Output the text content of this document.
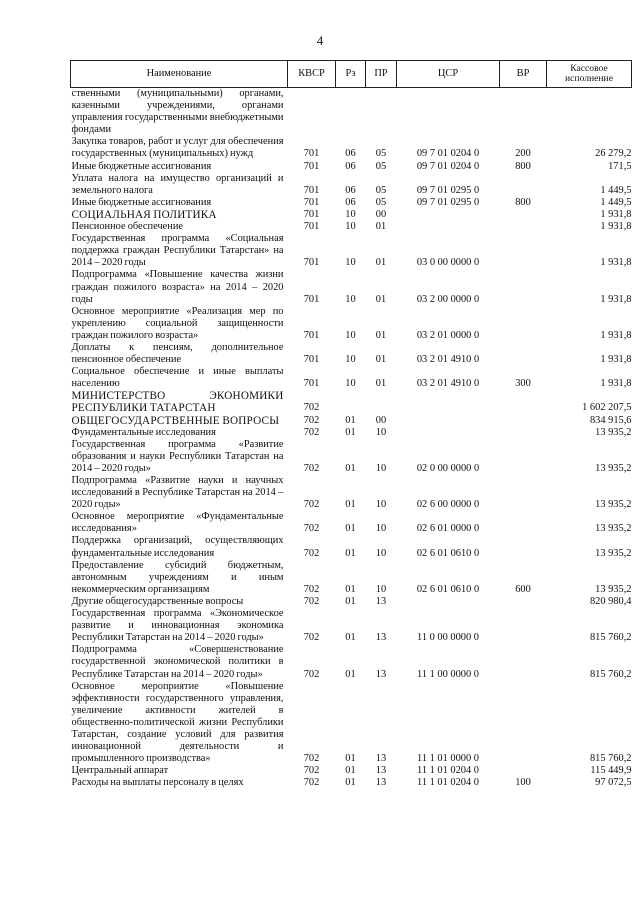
4
Наименование	КВСР	Рз	ПР	ЦСР	ВР	Кассовое исполнение
ственными (муниципальными) органами, казенными учреждениями, органами управления государственными внебюджетными фондами						
Закупка товаров, работ и услуг для обеспечения государственных (муниципальных) нужд	701	06	05	09 7 01 0204 0	200	26 279,2
Иные бюджетные ассигнования	701	06	05	09 7 01 0204 0	800	171,5
Уплата налога на имущество организаций и земельного налога	701	06	05	09 7 01 0295 0		1 449,5
Иные бюджетные ассигнования	701	06	05	09 7 01 0295 0	800	1 449,5
СОЦИАЛЬНАЯ ПОЛИТИКА	701	10	00			1 931,8
Пенсионное обеспечение	701	10	01			1 931,8
Государственная программа «Социальная поддержка граждан Республики Татарстан» на 2014 – 2020 годы	701	10	01	03 0 00 0000 0		1 931,8
Подпрограмма «Повышение качества жизни граждан пожилого возраста» на 2014 – 2020 годы	701	10	01	03 2 00 0000 0		1 931,8
Основное мероприятие «Реализация мер по укреплению социальной защищенности граждан пожилого возраста»	701	10	01	03 2 01 0000 0		1 931,8
Доплаты к пенсиям, дополнительное пенсионное обеспечение	701	10	01	03 2 01 4910 0		1 931,8
Социальное обеспечение и иные выплаты населению	701	10	01	03 2 01 4910 0	300	1 931,8
МИНИСТЕРСТВО ЭКОНОМИКИ РЕСПУБЛИКИ ТАТАРСТАН	702					1 602 207,5
ОБЩЕГОСУДАРСТВЕННЫЕ ВОПРОСЫ	702	01	00			834 915,6
Фундаментальные исследования	702	01	10			13 935,2
Государственная программа «Развитие образования и науки Республики Татарстан на 2014 – 2020 годы»	702	01	10	02 0 00 0000 0		13 935,2
Подпрограмма «Развитие науки и научных исследований в Республике Татарстан на 2014 – 2020 годы»	702	01	10	02 6 00 0000 0		13 935,2
Основное мероприятие «Фундаментальные исследования»	702	01	10	02 6 01 0000 0		13 935,2
Поддержка организаций, осуществляющих фундаментальные исследования	702	01	10	02 6 01 0610 0		13 935,2
Предоставление субсидий бюджетным, автономным учреждениям и иным некоммерческим организациям	702	01	10	02 6 01 0610 0	600	13 935,2
Другие общегосударственные вопросы	702	01	13			820 980,4
Государственная программа «Экономическое развитие и инновационная экономика Республики Татарстан на 2014 – 2020 годы»	702	01	13	11 0 00 0000 0		815 760,2
Подпрограмма «Совершенствование государственной экономической политики в Республике Татарстан на 2014 – 2020 годы»	702	01	13	11 1 00 0000 0		815 760,2
Основное мероприятие «Повышение эффективности государственного управления, увеличение активности жителей в общественно-политической жизни Республики Татарстан, создание условий для развития инновационной деятельности и промышленного производства»	702	01	13	11 1 01 0000 0		815 760,2
Центральный аппарат	702	01	13	11 1 01 0204 0		115 449,9
Расходы на выплаты персоналу в целях	702	01	13	11 1 01 0204 0	100	97 072,5
